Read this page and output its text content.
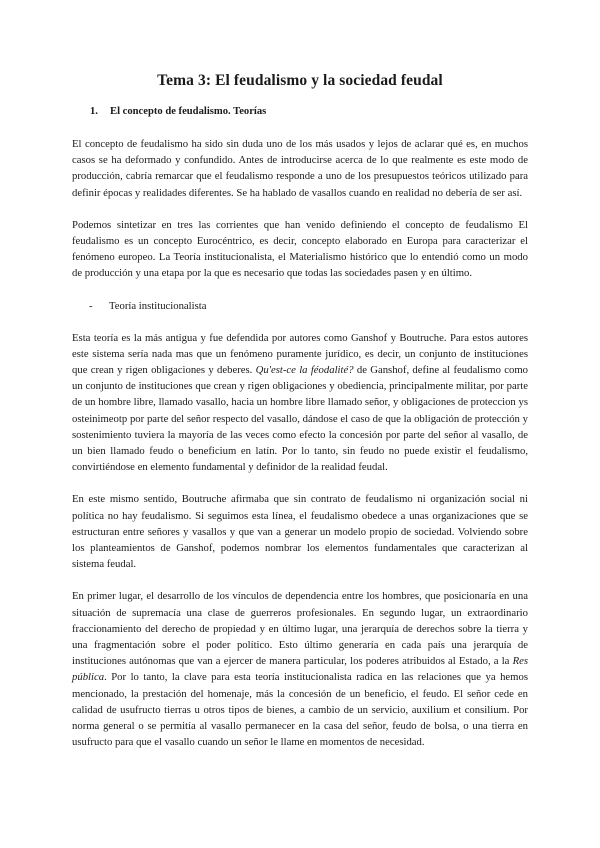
Tema 3: El feudalismo y la sociedad feudal
1.	El concepto de feudalismo. Teorías

El concepto de feudalismo ha sido sin duda uno de los más usados y lejos de aclarar qué es, en muchos casos se ha deformado y confundido. Antes de introducirse acerca de lo que realmente es este modo de producción, cabría remarcar que el feudalismo responde a uno de los presupuestos teóricos utilizado para definir épocas y realidades diferentes. Se ha hablado de vasallos cuando en realidad no debería de ser así.

Podemos sintetizar en tres las corrientes que han venido definiendo el concepto de feudalismo El feudalismo es un concepto Eurocéntrico, es decir, concepto elaborado en Europa para caracterizar el fenómeno europeo. La Teoría institucionalista, el Materialismo histórico que lo entendió como un modo de producción y una etapa por la que es necesario que todas las sociedades pasen y en último.

-	Teoría institucionalista

Esta teoría es la más antigua y fue defendida por autores como Ganshof y Boutruche. Para estos autores este sistema sería nada mas que un fenómeno puramente jurídico, es decir, un conjunto de instituciones que crean y rigen obligaciones y deberes. Qu'est-ce la féodalité? de Ganshof, define al feudalismo como un conjunto de instituciones que crean y rigen obligaciones y obediencia, principalmente militar, por parte de un hombre libre, llamado vasallo, hacia un hombre libre llamado señor, y obligaciones de proteccion ys osteinimeotp por parte del señor respecto del vasallo, dándose el caso de que la obligación de protección y sostenimiento tuviera la mayoría de las veces como efecto la concesión por parte del señor al vasallo, de un bien llamado feudo o beneficium en latín. Por lo tanto, sin feudo no puede existir el feudalismo, convirtiéndose en elemento fundamental y definidor de la realidad feudal.

En este mismo sentido, Boutruche afirmaba que sin contrato de feudalismo ni organización social ni política no hay feudalismo. Si seguimos esta línea, el feudalismo obedece a unas organizaciones que se estructuran entre señores y vasallos y que van a generar un modelo propio de sociedad. Volviendo sobre los planteamientos de Ganshof, podemos nombrar los elementos fundamentales que caracterizan al sistema feudal.

En primer lugar, el desarrollo de los vínculos de dependencia entre los hombres, que posicionaría en una situación de supremacía una clase de guerreros profesionales. En segundo lugar, un extraordinario fraccionamiento del derecho de propiedad y en último lugar, una jerarquía de derechos sobre la tierra y una fragmentación sobre el poder político. Esto último generaría en cada país una jerarquía de instituciones autónomas que van a ejercer de manera particular, los poderes atribuidos al Estado, a la Res pública. Por lo tanto, la clave para esta teoría institucionalista radica en las relaciones que ya hemos mencionado, la prestación del homenaje, más la concesión de un beneficio, el feudo. El señor cede en calidad de usufructo tierras u otros tipos de bienes, a cambio de un servicio, auxilium et consilium. Por norma general o se permitía al vasallo permanecer en la casa del señor, feudo de bolsa, o una tierra en usufructo para que el vasallo cuando un señor le llame en momentos de necesidad.
